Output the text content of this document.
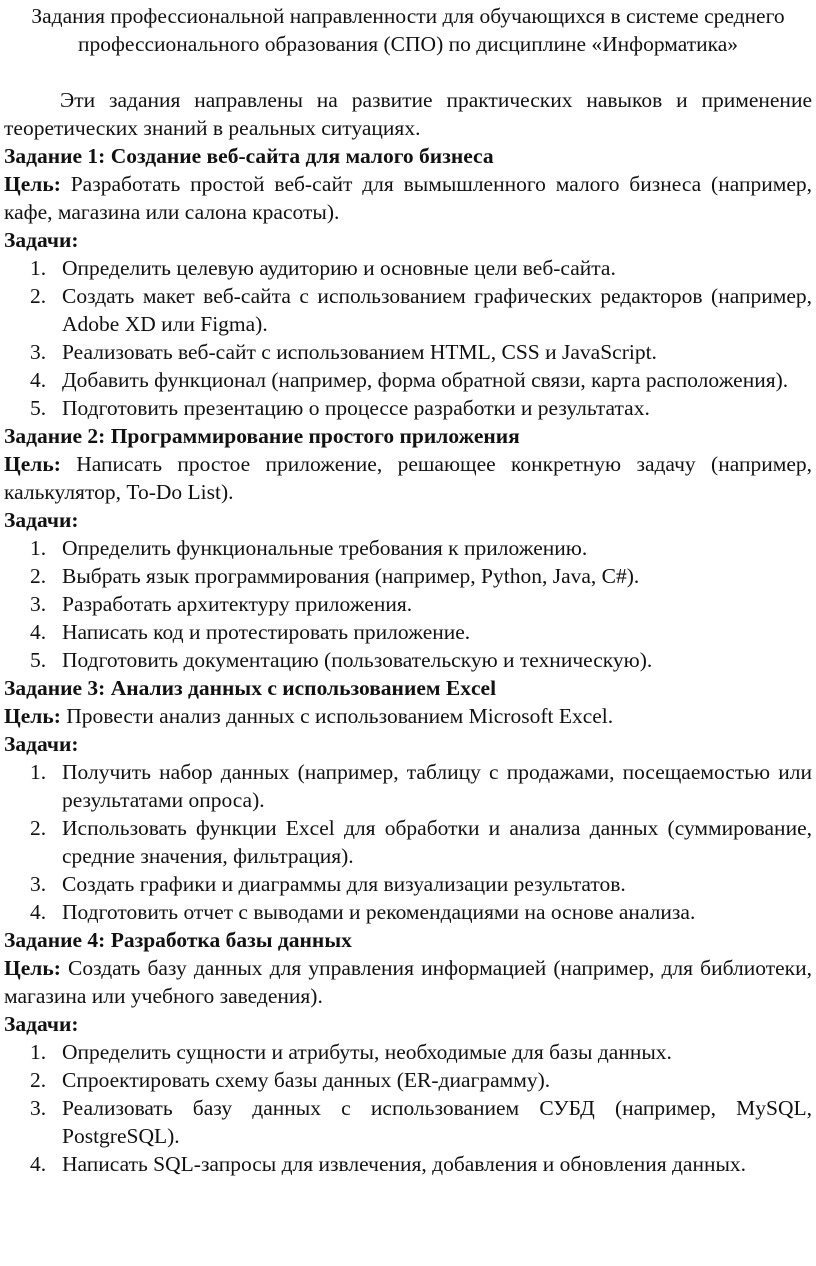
Задания профессиональной направленности для обучающихся в системе среднего профессионального образования (СПО) по дисциплине «Информатика»

Эти задания направлены на развитие практических навыков и применение теоретических знаний в реальных ситуациях.

Задание 1: Создание веб-сайта для малого бизнеса

Цель: Разработать простой веб-сайт для вымышленного малого бизнеса (например, кафе, магазина или салона красоты).

Задачи:

1. Определить целевую аудиторию и основные цели веб-сайта.
2. Создать макет веб-сайта с использованием графических редакторов (например, Adobe XD или Figma).
3. Реализовать веб-сайт с использованием HTML, CSS и JavaScript.
4. Добавить функционал (например, форма обратной связи, карта расположения).
5. Подготовить презентацию о процессе разработки и результатах.

Задание 2: Программирование простого приложения

Цель: Написать простое приложение, решающее конкретную задачу (например, калькулятор, To-Do List).

Задачи:

1. Определить функциональные требования к приложению.
2. Выбрать язык программирования (например, Python, Java, C#).
3. Разработать архитектуру приложения.
4. Написать код и протестировать приложение.
5. Подготовить документацию (пользовательскую и техническую).

Задание 3: Анализ данных с использованием Excel

Цель: Провести анализ данных с использованием Microsoft Excel.

Задачи:

1. Получить набор данных (например, таблицу с продажами, посещаемостью или результатами опроса).
2. Использовать функции Excel для обработки и анализа данных (суммирование, средние значения, фильтрация).
3. Создать графики и диаграммы для визуализации результатов.
4. Подготовить отчет с выводами и рекомендациями на основе анализа.

Задание 4: Разработка базы данных

Цель: Создать базу данных для управления информацией (например, для библиотеки, магазина или учебного заведения).

Задачи:

1. Определить сущности и атрибуты, необходимые для базы данных.
2. Спроектировать схему базы данных (ER-диаграмму).
3. Реализовать базу данных с использованием СУБД (например, MySQL, PostgreSQL).
4. Написать SQL-запросы для извлечения, добавления и обновления данных.
